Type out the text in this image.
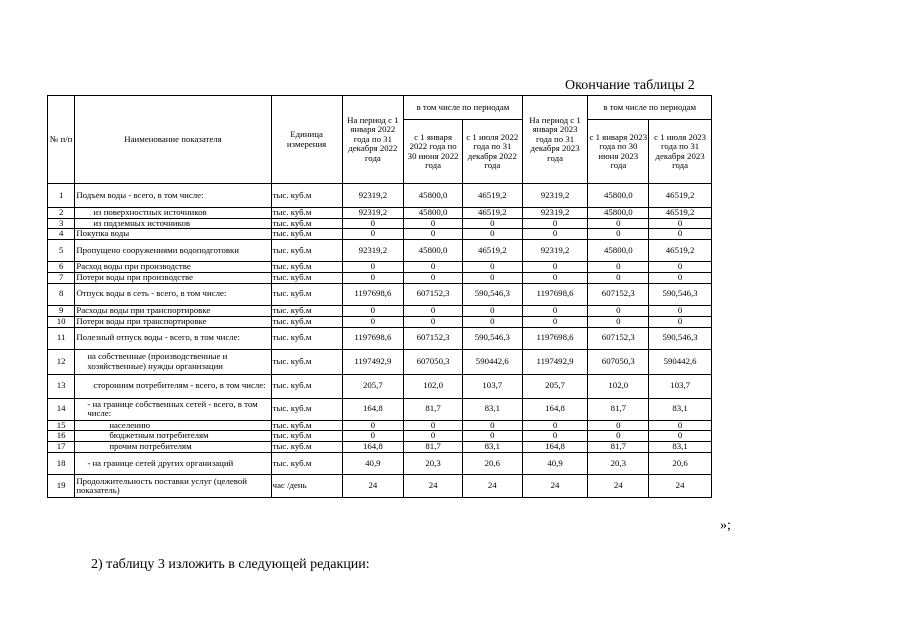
Окончание таблицы 2
№ п/п	Наименование показателя	Единица измерения	На период с 1 января 2022 года по 31 декабря 2022 года	в том числе по периодам		На период с 1 января 2023 года по 31 декабря 2023 года	в том числе по периодам	
				с 1 января 2022 года по 30 июня 2022 года	с 1 июля 2022 года по 31 декабря 2022 года		с 1 января 2023 года по 30 июня 2023 года	с 1 июля 2023 года по 31 декабря 2023 года
1	Подъем воды - всего, в том числе:	тыс. куб.м	92319,2	45800,0	46519,2	92319,2	45800,0	46519,2
2	из поверхностных источников	тыс. куб.м	92319,2	45800,0	46519,2	92319,2	45800,0	46519,2
3	из подземных источников	тыс. куб.м	0	0	0	0	0	0
4	Покупка воды	тыс. куб.м	0	0	0	0	0	0
5	Пропущено сооружениями водоподготовки	тыс. куб.м	92319,2	45800,0	46519,2	92319,2	45800,0	46519,2
6	Расход воды при производстве	тыс. куб.м	0	0	0	0	0	0
7	Потери воды при производстве	тыс. куб.м	0	0	0	0	0	0
8	Отпуск воды в сеть - всего, в том числе:	тыс. куб.м	1197698,6	607152,3	590,546,3	1197698,6	607152,3	590,546,3
9	Расходы воды при транспортировке	тыс. куб.м	0	0	0	0	0	0
10	Потери воды при транспортировке	тыс. куб.м	0	0	0	0	0	0
11	Полезный отпуск воды - всего, в том числе:	тыс. куб.м	1197698,6	607152,3	590,546,3	1197698,6	607152,3	590,546,3
12	на собственные (производственные и хозяйственные) нужды организации	тыс. куб.м	1197492,9	607050,3	590442,6	1197492,9	607050,3	590442,6
13	сторонним потребителям - всего, в том числе:	тыс. куб.м	205,7	102,0	103,7	205,7	102,0	103,7
14	- на границе собственных сетей - всего, в том числе:	тыс. куб.м	164,8	81,7	83,1	164,8	81,7	83,1
15	населению	тыс. куб.м	0	0	0	0	0	0
16	бюджетным потребителям	тыс. куб.м	0	0	0	0	0	0
17	прочим потребителям	тыс. куб.м	164,8	81,7	83,1	164,8	81,7	83,1
18	- на границе сетей других организаций	тыс. куб.м	40,9	20,3	20,6	40,9	20,3	20,6
19	Продолжительность поставки услуг (целевой показатель)	час /день	24	24	24	24	24	24
»;
2) таблицу 3 изложить в следующей редакции:
